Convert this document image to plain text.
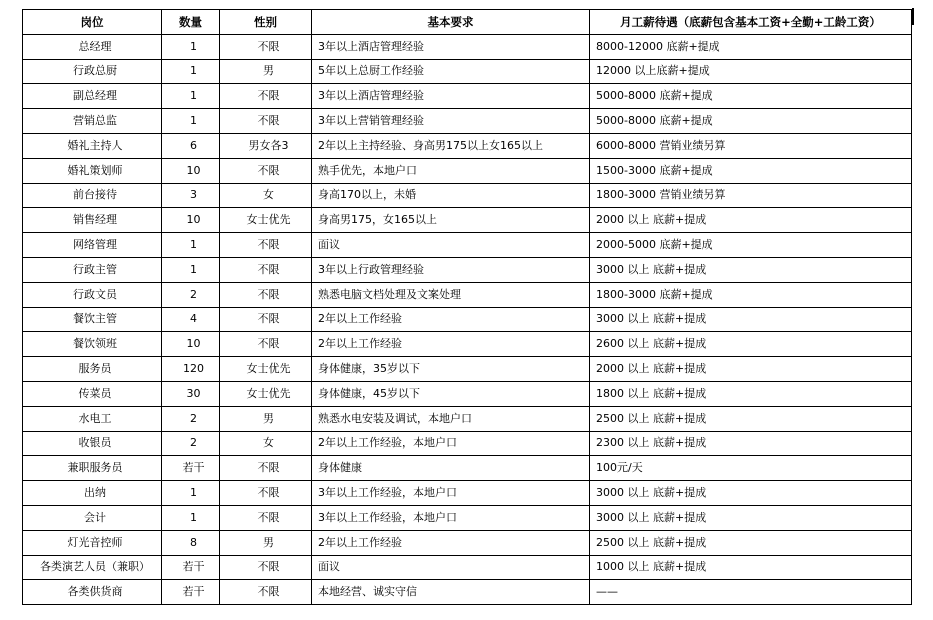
岗位	数量	性别	基本要求	月工薪待遇（底薪包含基本工资+全勤+工龄工资）
总经理	1	不限	3年以上酒店管理经验	8000-12000 底薪+提成
行政总厨	1	男	5年以上总厨工作经验	12000 以上底薪+提成
副总经理	1	不限	3年以上酒店管理经验	5000-8000 底薪+提成
营销总监	1	不限	3年以上营销管理经验	5000-8000 底薪+提成
婚礼主持人	6	男女各3	2年以上主持经验、身高男175以上女165以上	6000-8000 营销业绩另算
婚礼策划师	10	不限	熟手优先，本地户口	1500-3000 底薪+提成
前台接待	3	女	身高170以上，未婚	1800-3000 营销业绩另算
销售经理	10	女士优先	身高男175，女165以上	2000 以上 底薪+提成
网络管理	1	不限	面议	2000-5000 底薪+提成
行政主管	1	不限	3年以上行政管理经验	3000 以上 底薪+提成
行政文员	2	不限	熟悉电脑文档处理及文案处理	1800-3000 底薪+提成
餐饮主管	4	不限	2年以上工作经验	3000 以上 底薪+提成
餐饮领班	10	不限	2年以上工作经验	2600 以上 底薪+提成
服务员	120	女士优先	身体健康，35岁以下	2000 以上 底薪+提成
传菜员	30	女士优先	身体健康，45岁以下	1800 以上 底薪+提成
水电工	2	男	熟悉水电安装及调试，本地户口	2500 以上 底薪+提成
收银员	2	女	2年以上工作经验，本地户口	2300 以上 底薪+提成
兼职服务员	若干	不限	身体健康	100元/天
出纳	1	不限	3年以上工作经验，本地户口	3000 以上 底薪+提成
会计	1	不限	3年以上工作经验，本地户口	3000 以上 底薪+提成
灯光音控师	8	男	2年以上工作经验	2500 以上 底薪+提成
各类演艺人员（兼职）	若干	不限	面议	1000 以上 底薪+提成
各类供货商	若干	不限	本地经营、诚实守信	——
